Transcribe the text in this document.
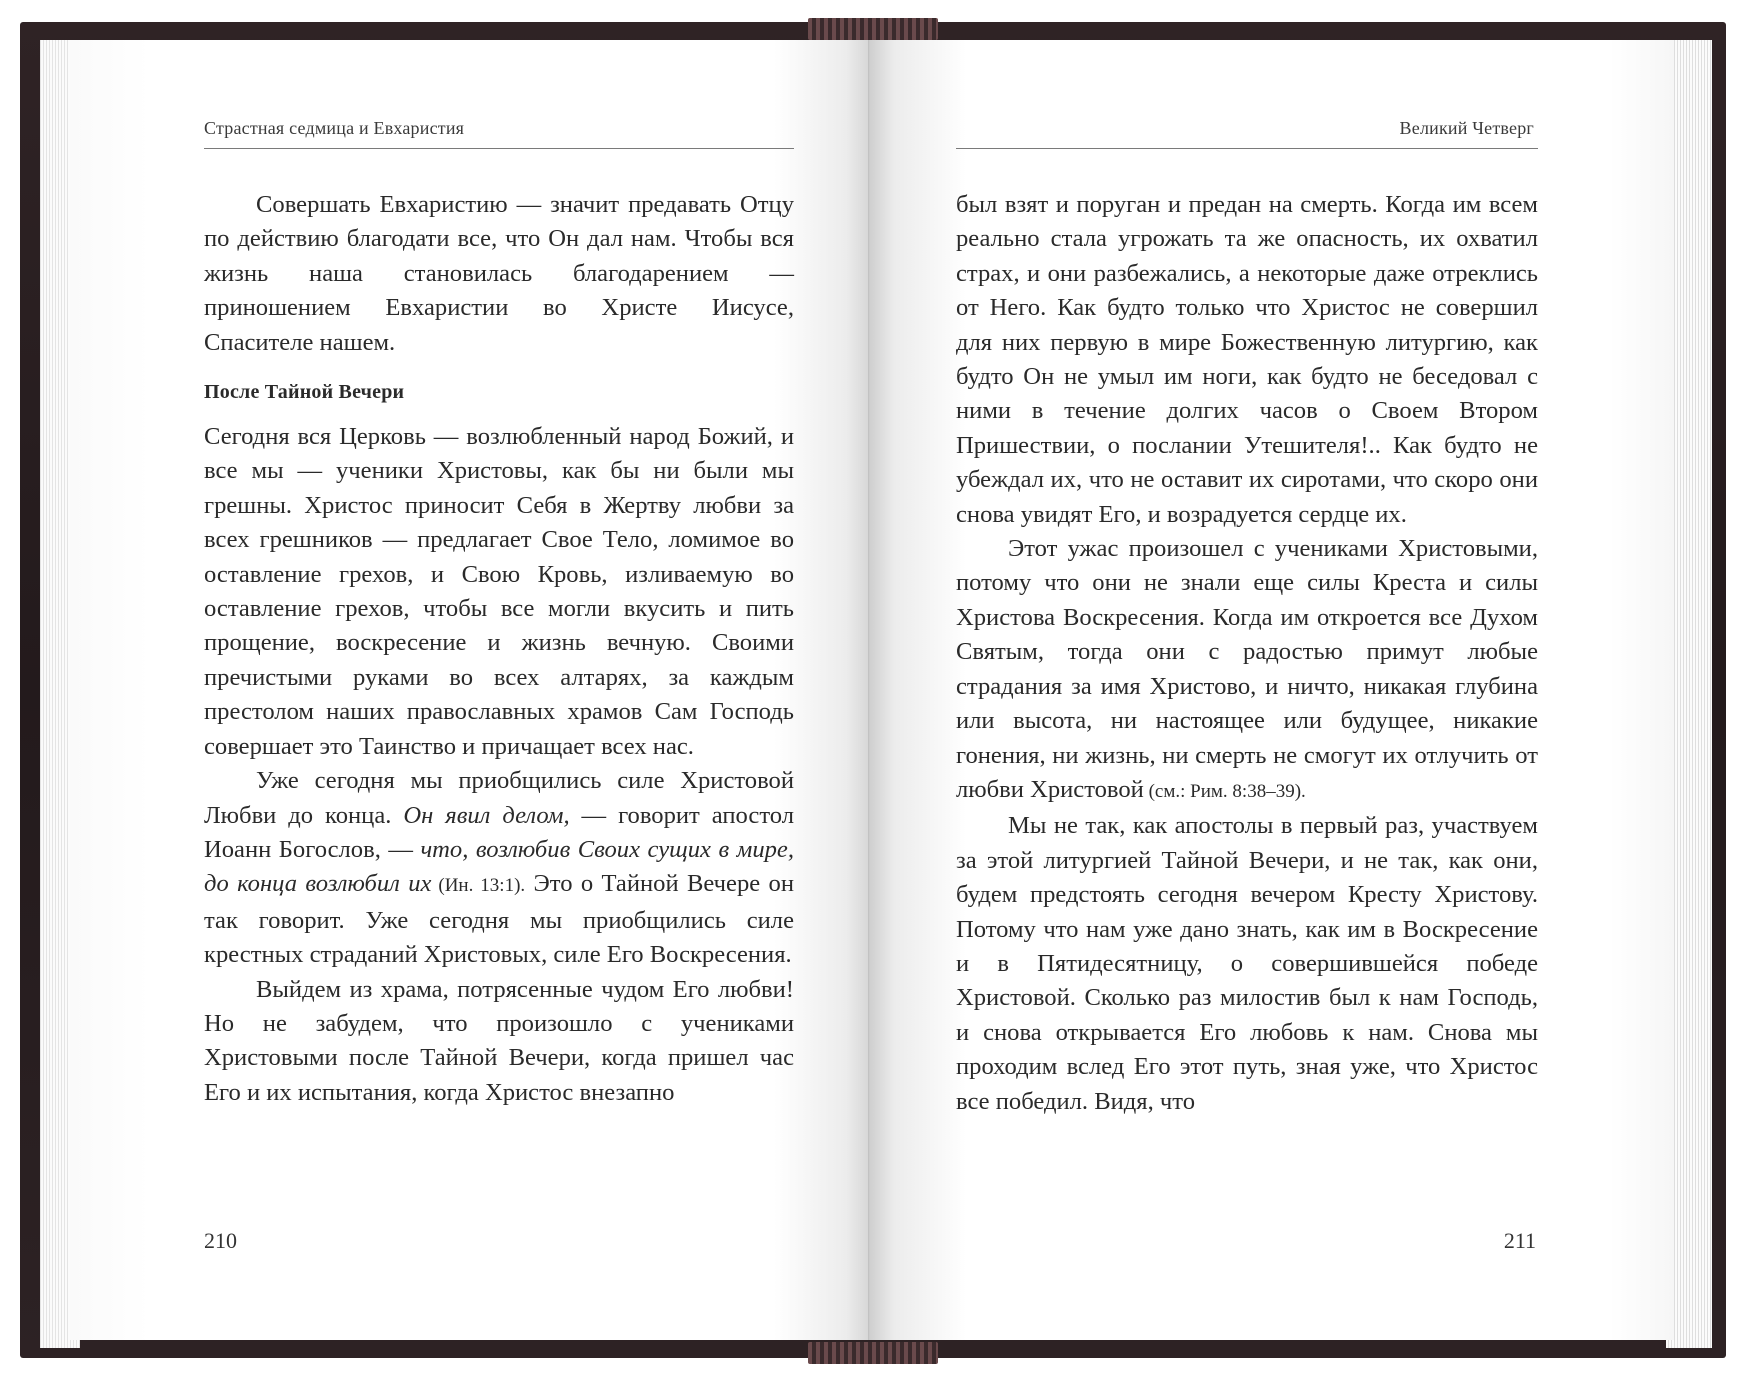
Страстная седмица и Евхаристия

Совершать Евхаристию — значит предавать Отцу по действию благодати все, что Он дал нам. Чтобы вся жизнь наша становилась благодарением — приношением Евхаристии во Христе Иисусе, Спасителе нашем.

После Тайной Вечери

Сегодня вся Церковь — возлюбленный народ Божий, и все мы — ученики Христовы, как бы ни были мы грешны. Христос приносит Себя в Жертву любви за всех грешников — предлагает Свое Тело, ломимое во оставление грехов, и Свою Кровь, изливаемую во оставление грехов, чтобы все могли вкусить и пить прощение, воскресение и жизнь вечную. Своими пречистыми руками во всех алтарях, за каждым престолом наших православных храмов Сам Господь совершает это Таинство и причащает всех нас.

Уже сегодня мы приобщились силе Христовой Любви до конца. Он явил делом, — говорит апостол Иоанн Богослов, — что, возлюбив Своих сущих в мире, до конца возлюбил их (Ин. 13:1). Это о Тайной Вечере он так говорит. Уже сегодня мы приобщились силе крестных страданий Христовых, силе Его Воскресения.

Выйдем из храма, потрясенные чудом Его любви! Но не забудем, что произошло с учениками Христовыми после Тайной Вечери, когда пришел час Его и их испытания, когда Христос внезапно

210
Великий Четверг

был взят и поруган и предан на смерть. Когда им всем реально стала угрожать та же опасность, их охватил страх, и они разбежались, а некоторые даже отреклись от Него. Как будто только что Христос не совершил для них первую в мире Божественную литургию, как будто Он не умыл им ноги, как будто не беседовал с ними в течение долгих часов о Своем Втором Пришествии, о послании Утешителя!.. Как будто не убеждал их, что не оставит их сиротами, что скоро они снова увидят Его, и возрадуется сердце их.

Этот ужас произошел с учениками Христовыми, потому что они не знали еще силы Креста и силы Христова Воскресения. Когда им откроется все Духом Святым, тогда они с радостью примут любые страдания за имя Христово, и ничто, никакая глубина или высота, ни настоящее или будущее, никакие гонения, ни жизнь, ни смерть не смогут их отлучить от любви Христовой (см.: Рим. 8:38–39).

Мы не так, как апостолы в первый раз, участвуем за этой литургией Тайной Вечери, и не так, как они, будем предстоять сегодня вечером Кресту Христову. Потому что нам уже дано знать, как им в Воскресение и в Пятидесятницу, о совершившейся победе Христовой. Сколько раз милостив был к нам Господь, и снова открывается Его любовь к нам. Снова мы проходим вслед Его этот путь, зная уже, что Христос все победил. Видя, что

211
